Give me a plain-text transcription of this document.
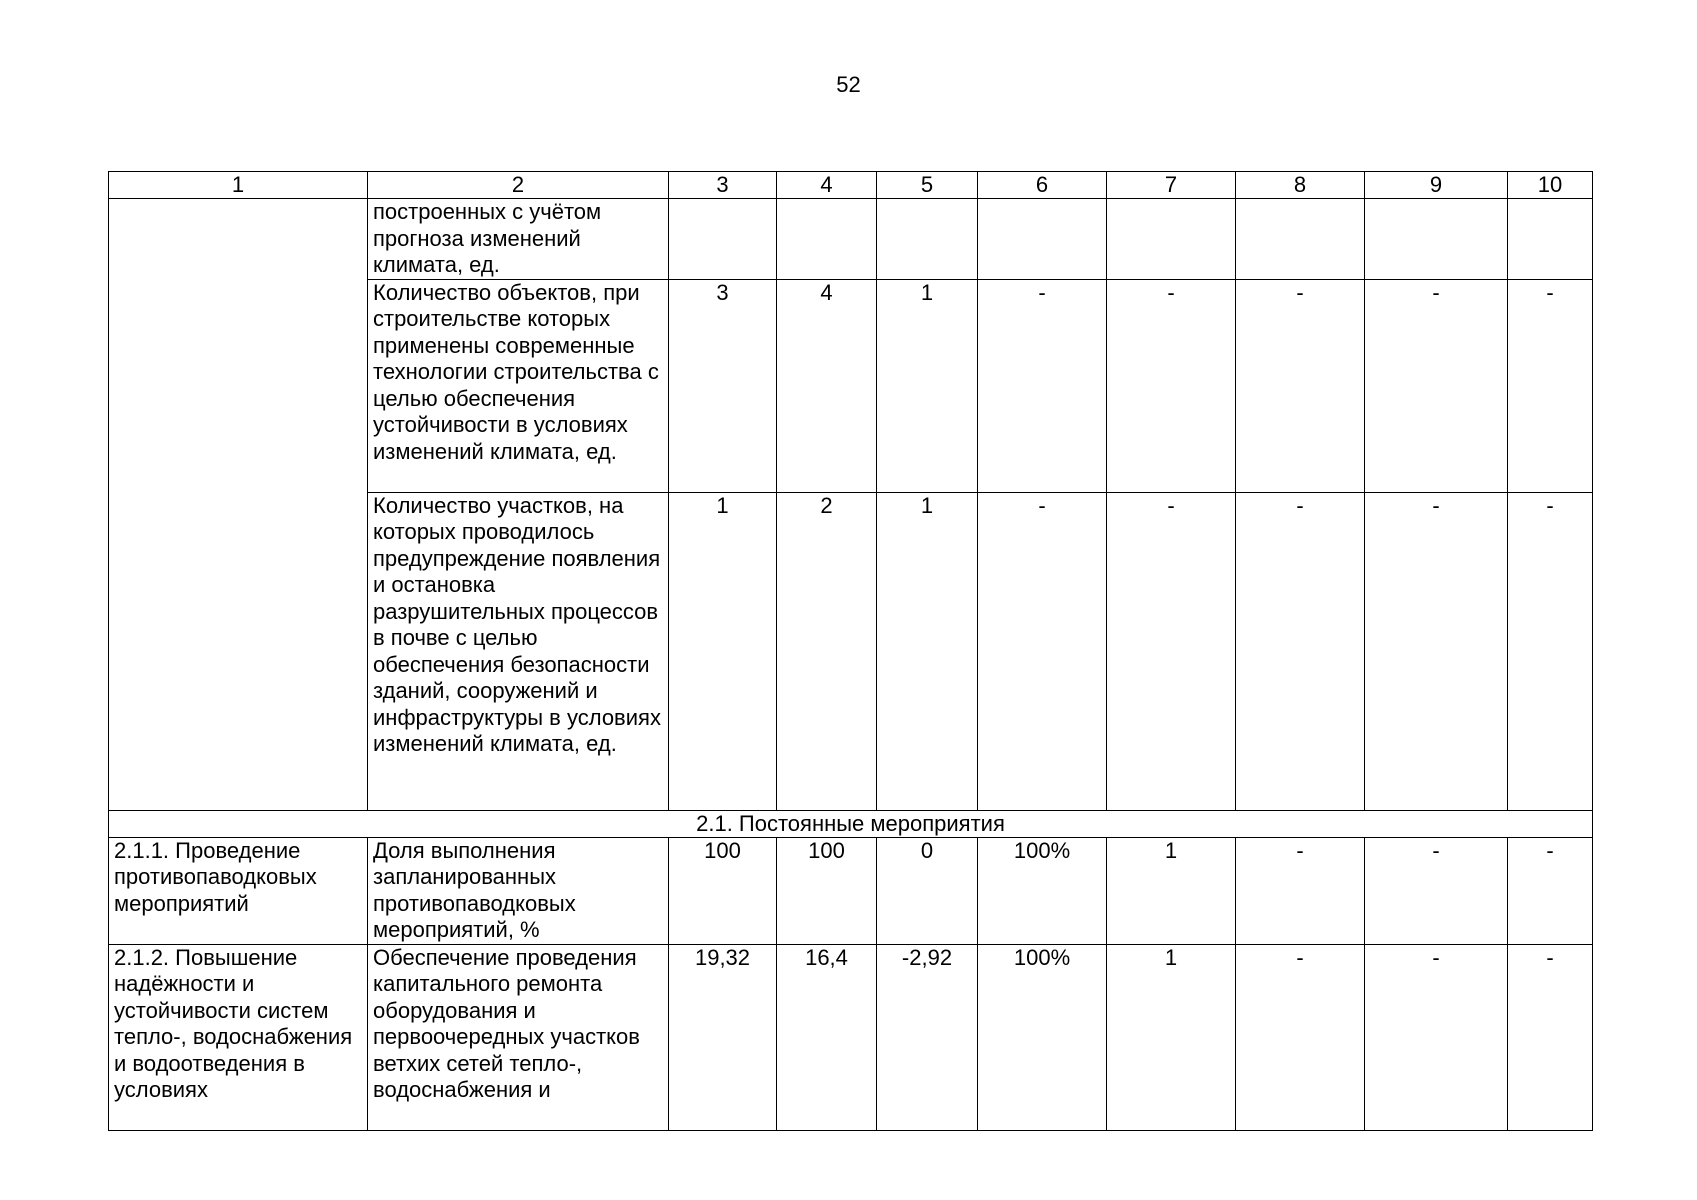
52
1	2	3	4	5	6	7	8	9	10
	построенных с учётом прогноза изменений климата, ед.								
	Количество объектов, при строительстве которых применены современные технологии строительства с целью обеспечения устойчивости в условиях изменений климата, ед.	3	4	1	-	-	-	-	-
	Количество участков, на которых проводилось предупреждение появления и остановка разрушительных процессов в почве с целью обеспечения безопасности зданий, сооружений и инфраструктуры в условиях изменений климата, ед.	1	2	1	-	-	-	-	-
2.1. Постоянные мероприятия									
2.1.1. Проведение противопаводковых мероприятий	Доля выполнения запланированных противопаводковых мероприятий, %	100	100	0	100%	1	-	-	-
2.1.2. Повышение надёжности и устойчивости систем тепло-, водоснабжения и водоотведения в условиях	Обеспечение проведения капитального ремонта оборудования и первоочередных участков ветхих сетей тепло-, водоснабжения и	19,32	16,4	-2,92	100%	1	-	-	-
